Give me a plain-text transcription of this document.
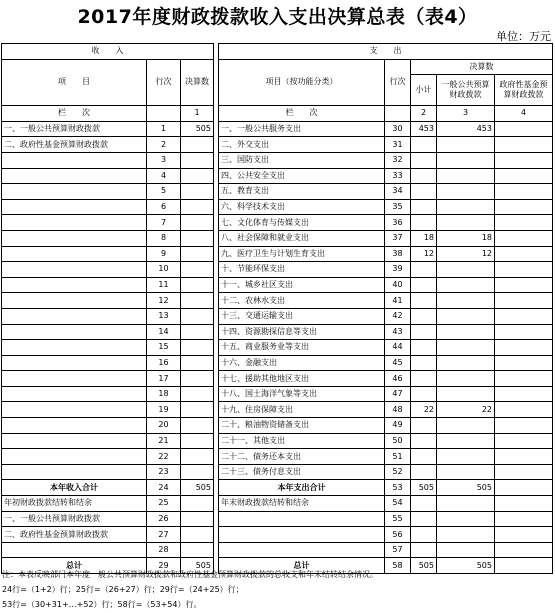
2017年度财政拨款收入支出决算总表（表4）
单位：万元
收　　入				支　　出				
项　　目	行次	决算数		项目（按功能分类）	行次	决算数		
						小计	一般公共预算财政拨款	政府性基金预算财政拨款
栏　　次		1		栏　　次		2	3	4
一、一般公共预算财政拨款	1	505		一、一般公共服务支出	30	453	453	
二、政府性基金预算财政拨款	2			二、外交支出	31			
	3			三、国防支出	32			
	4			四、公共安全支出	33			
	5			五、教育支出	34			
	6			六、科学技术支出	35			
	7			七、文化体育与传媒支出	36			
	8			八、社会保障和就业支出	37	18	18	
	9			九、医疗卫生与计划生育支出	38	12	12	
	10			十、节能环保支出	39			
	11			十一、城乡社区支出	40			
	12			十二、农林水支出	41			
	13			十三、交通运输支出	42			
	14			十四、资源勘探信息等支出	43			
	15			十五、商业服务业等支出	44			
	16			十六、金融支出	45			
	17			十七、援助其他地区支出	46			
	18			十八、国土海洋气象等支出	47			
	19			十九、住房保障支出	48	22	22	
	20			二十、粮油物资储备支出	49			
	21			二十一、其他支出	50			
	22			二十二、债务还本支出	51			
	23			二十三、债务付息支出	52			
本年收入合计	24	505		本年支出合计	53	505	505	
年初财政拨款结转和结余	25			年末财政拨款结转和结余	54			
一、一般公共预算财政拨款	26				55			
二、政府性基金预算财政拨款	27				56			
	28				57			
总计	29	505		总计	58	505	505	
注：本表反映部门本年度一般公共预算财政拨款和政府性基金预算财政拨款的总收支和年末结转结余情况。
24行=（1+2）行；25行=（26+27）行；29行=（24+25）行；
53行=（30+31+…+52）行；58行=（53+54）行。
